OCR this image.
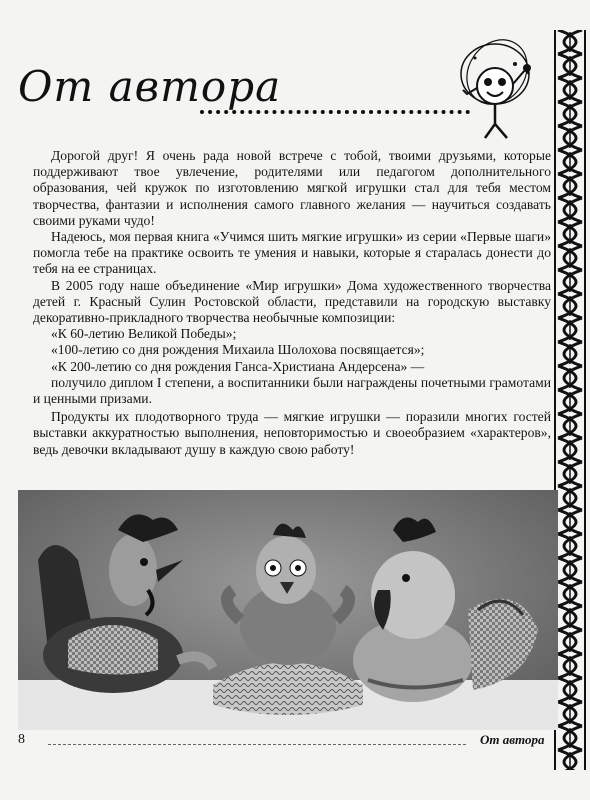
От автора

Дорогой друг! Я очень рада новой встрече с тобой, твоими друзьями, которые поддерживают твое увлечение, родителями или педагогом дополнительного образования, чей кружок по изготовлению мягкой игрушки стал для тебя местом творчества, фантазии и исполнения самого главного желания — научиться создавать своими руками чудо!

Надеюсь, моя первая книга «Учимся шить мягкие игрушки» из серии «Первые шаги» помогла тебе на практике освоить те умения и навыки, которые я старалась донести до тебя на ее страницах.

В 2005 году наше объединение «Мир игрушки» Дома художественного творчества детей г. Красный Сулин Ростовской области, представили на городскую выставку декоративно-прикладного творчества необычные композиции:

«К 60-летию Великой Победы»;

«100-летию со дня рождения Михаила Шолохова посвящается»;

«К 200-летию со дня рождения Ганса-Христиана Андерсена» —

получило диплом I степени, а воспитанники были награждены почетными грамотами и ценными призами.

Продукты их плодотворного труда — мягкие игрушки — поразили многих гостей выставки аккуратностью выполнения, неповторимостью и своеобразием «характеров», ведь девочки вкладывают душу в каждую свою работу!

8	От автора
